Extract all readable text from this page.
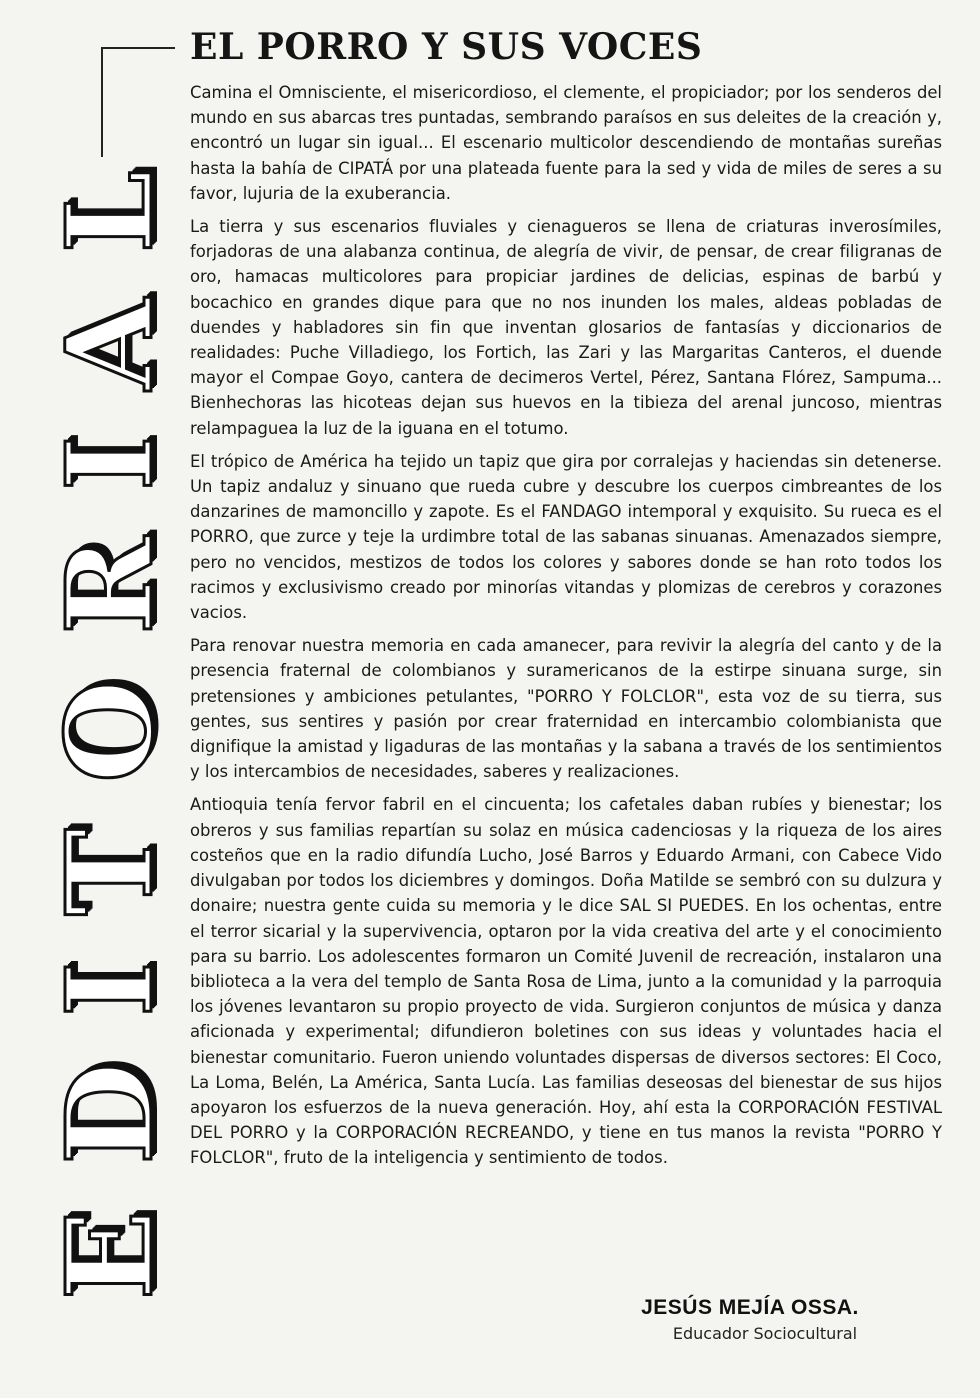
E
D
I
T
O
R
I
A
L
EL PORRO Y SUS VOCES

Camina el Omnisciente, el misericordioso, el clemente, el propiciador; por los senderos del mundo en sus abarcas tres puntadas, sembrando paraísos en sus deleites de la creación y, encontró un lugar sin igual... El escenario multicolor descendiendo de montañas sureñas hasta la bahía de CIPATÁ por una plateada fuente para la sed y vida de miles de seres a su favor, lujuria de la exuberancia.

La tierra y sus escenarios fluviales y cienagueros se llena de criaturas inverosímiles, forjadoras de una alabanza continua, de alegría de vivir, de pensar, de crear filigranas de oro, hamacas multicolores para propiciar jardines de delicias, espinas de barbú y bocachico en grandes dique para que no nos inunden los males, aldeas pobladas de duendes y habladores sin fin que inventan glosarios de fantasías y diccionarios de realidades: Puche Villadiego, los Fortich, las Zari y las Margaritas Canteros, el duende mayor el Compae Goyo, cantera de decimeros Vertel, Pérez, Santana Flórez, Sampuma... Bienhechoras las hicoteas dejan sus huevos en la tibieza del arenal juncoso, mientras relampaguea la luz de la iguana en el totumo.

El trópico de América ha tejido un tapiz que gira por corralejas y haciendas sin detenerse. Un tapiz andaluz y sinuano que rueda cubre y descubre los cuerpos cimbreantes de los danzarines de mamoncillo y zapote. Es el FANDAGO intemporal y exquisito. Su rueca es el PORRO, que zurce y teje la urdimbre total de las sabanas sinuanas. Amenazados siempre, pero no vencidos, mestizos de todos los colores y sabores donde se han roto todos los racimos y exclusivismo creado por minorías vitandas y plomizas de cerebros y corazones vacios.

Para renovar nuestra memoria en cada amanecer, para revivir la alegría del canto y de la presencia fraternal de colombianos y suramericanos de la estirpe sinuana surge, sin pretensiones y ambiciones petulantes, "PORRO Y FOLCLOR", esta voz de su tierra, sus gentes, sus sentires y pasión por crear fraternidad en intercambio colombianista que dignifique la amistad y ligaduras de las montañas y la sabana a través de los sentimientos y los intercambios de necesidades, saberes y realizaciones.

Antioquia tenía fervor fabril en el cincuenta; los cafetales daban rubíes y bienestar; los obreros y sus familias repartían su solaz en música cadenciosas y la riqueza de los aires costeños que en la radio difundía Lucho, José Barros y Eduardo Armani, con Cabece Vido divulgaban por todos los diciembres y domingos. Doña Matilde se sembró con su dulzura y donaire; nuestra gente cuida su memoria y le dice SAL SI PUEDES. En los ochentas, entre el terror sicarial y la supervivencia, optaron por la vida creativa del arte y el conocimiento para su barrio. Los adolescentes formaron un Comité Juvenil de recreación, instalaron una biblioteca a la vera del templo de Santa Rosa de Lima, junto a la comunidad y la parroquia los jóvenes levantaron su propio proyecto de vida. Surgieron conjuntos de música y danza aficionada y experimental; difundieron boletines con sus ideas y voluntades hacia el bienestar comunitario. Fueron uniendo voluntades dispersas de diversos sectores: El Coco, La Loma, Belén, La América, Santa Lucía. Las familias deseosas del bienestar de sus hijos apoyaron los esfuerzos de la nueva generación. Hoy, ahí esta la CORPORACIÓN FESTIVAL DEL PORRO y la CORPORACIÓN RECREANDO, y tiene en tus manos la revista "PORRO Y FOLCLOR", fruto de la inteligencia y sentimiento de todos.

JESÚS MEJÍA OSSA.
Educador Sociocultural
